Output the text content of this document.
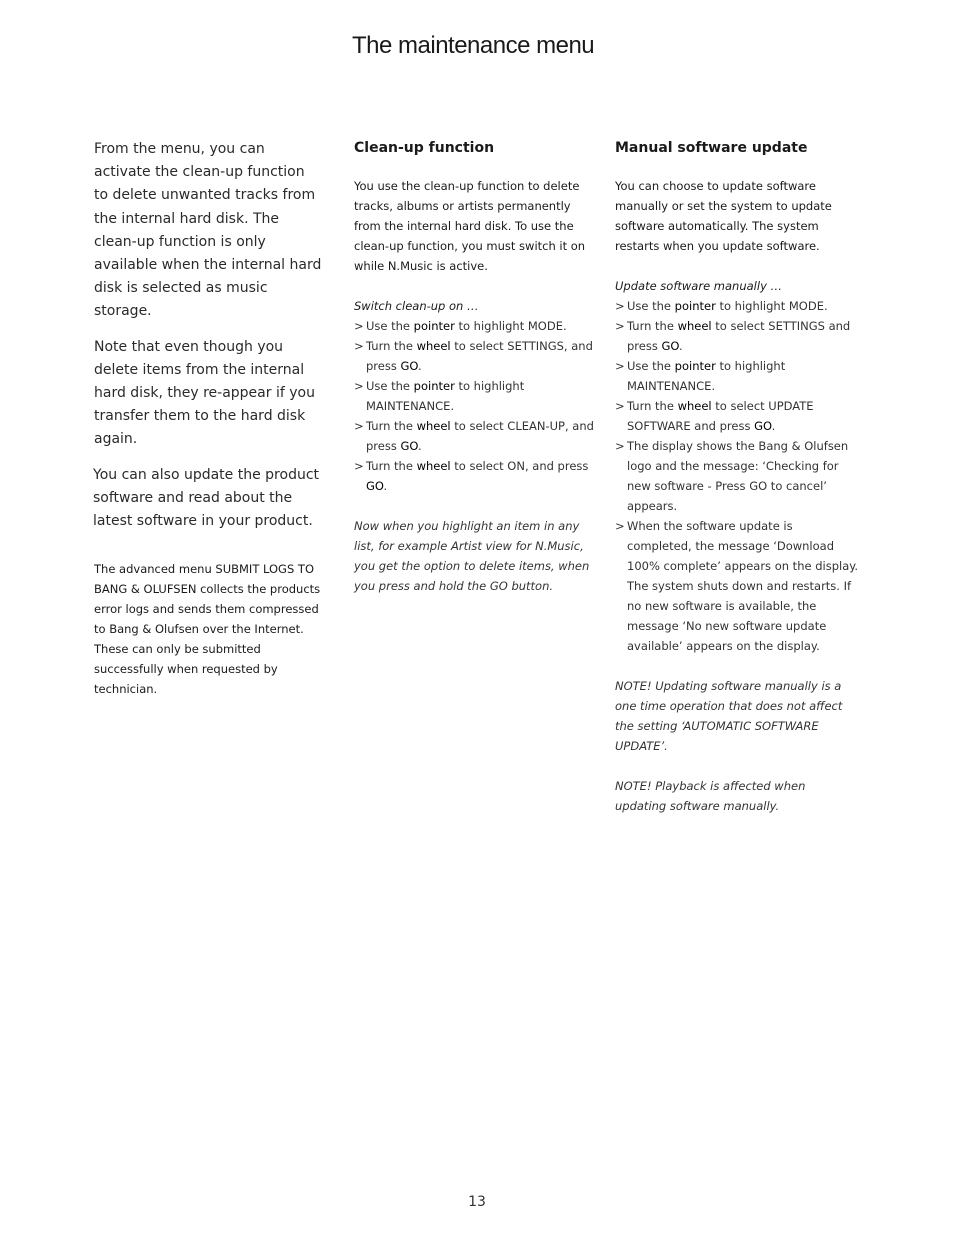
The maintenance menu

From the menu, you can activate the clean-up function to delete unwanted tracks from the internal hard disk. The clean-up function is only available when the internal hard disk is selected as music storage.

Note that even though you delete items from the internal hard disk, they re-appear if you transfer them to the hard disk again.

You can also update the product software and read about the latest software in your product.

The advanced menu SUBMIT LOGS TO BANG & OLUFSEN collects the products error logs and sends them compressed to Bang & Olufsen over the Internet. These can only be submitted successfully when requested by technician.
Clean-up function

You use the clean-up function to delete tracks, albums or artists permanently from the internal hard disk. To use the clean-up function, you must switch it on while N.Music is active.

Switch clean-up on …

> Use the pointer to highlight MODE.
> Turn the wheel to select SETTINGS, and press GO.
> Use the pointer to highlight MAINTENANCE.
> Turn the wheel to select CLEAN-UP, and press GO.
> Turn the wheel to select ON, and press GO.

Now when you highlight an item in any list, for example Artist view for N.Music, you get the option to delete items, when you press and hold the GO button.

Manual software update

You can choose to update software manually or set the system to update software automatically. The system restarts when you update software.

Update software manually …

> Use the pointer to highlight MODE.
> Turn the wheel to select SETTINGS and press GO.
> Use the pointer to highlight MAINTENANCE.
> Turn the wheel to select UPDATE SOFTWARE and press GO.
> The display shows the Bang & Olufsen logo and the message: ‘Checking for new software - Press GO to cancel’ appears.
> When the software update is completed, the message ‘Download 100% complete’ appears on the display. The system shuts down and restarts. If no new software is available, the message ‘No new software update available’ appears on the display.

NOTE! Updating software manually is a one time operation that does not affect the setting ‘AUTOMATIC SOFTWARE UPDATE’.

NOTE! Playback is affected when updating software manually.

13
